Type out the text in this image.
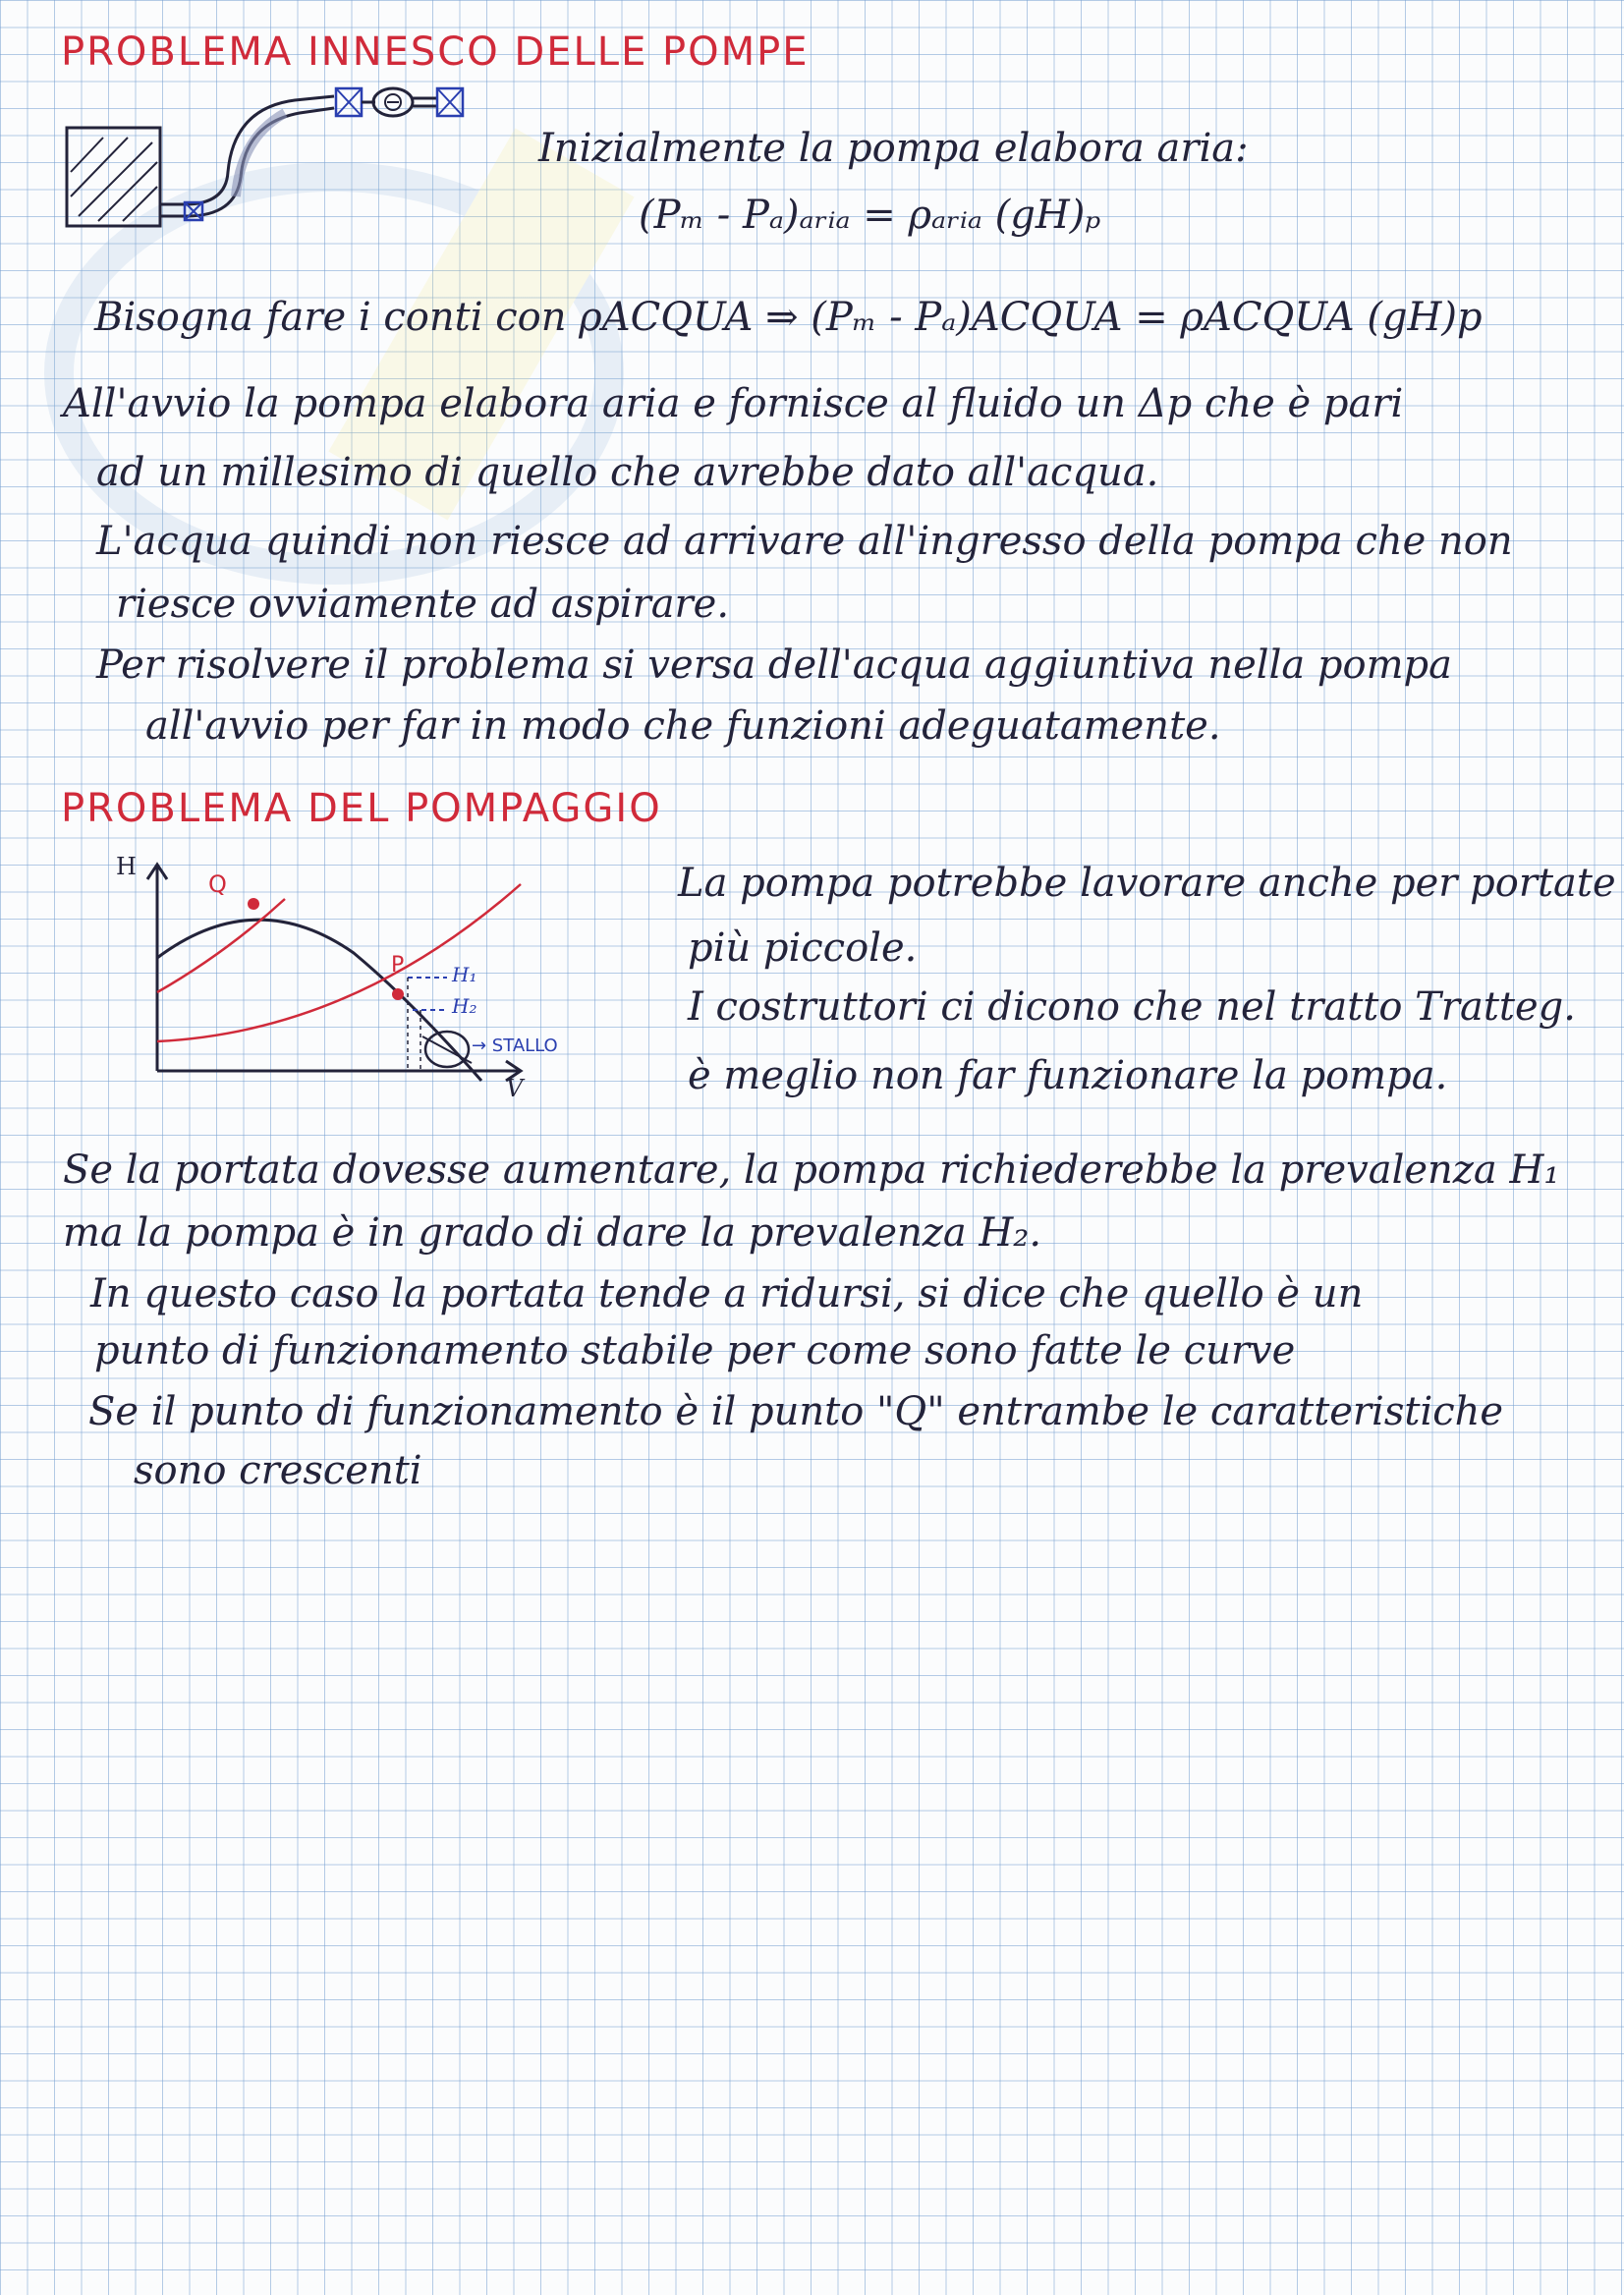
PROBLEMA INNESCO DELLE POMPE
Inizialmente la pompa elabora aria:
(Pₘ - Pₐ)ₐᵣᵢₐ = ρₐᵣᵢₐ (gH)ₚ
Bisogna fare i conti con ρACQUA ⇒ (Pₘ - Pₐ)ACQUA = ρACQUA (gH)p
All'avvio la pompa elabora aria e fornisce al fluido un Δp che è pari
ad un millesimo di quello che avrebbe dato all'acqua.
L'acqua quindi non riesce ad arrivare all'ingresso della pompa che non
riesce ovviamente ad aspirare.
Per risolvere il problema si versa dell'acqua aggiuntiva nella pompa
all'avvio per far in modo che funzioni adeguatamente.
PROBLEMA DEL POMPAGGIO
H
V
Q
P H₁
H₂
→ STALLO
La pompa potrebbe lavorare anche per portate
più piccole.
I costruttori ci dicono che nel tratto Tratteg.
è meglio non far funzionare la pompa.
Se la portata dovesse aumentare, la pompa richiederebbe la prevalenza H₁
ma la pompa è in grado di dare la prevalenza H₂.
In questo caso la portata tende a ridursi, si dice che quello è un
punto di funzionamento stabile per come sono fatte le curve
Se il punto di funzionamento è il punto "Q" entrambe le caratteristiche
sono crescenti
